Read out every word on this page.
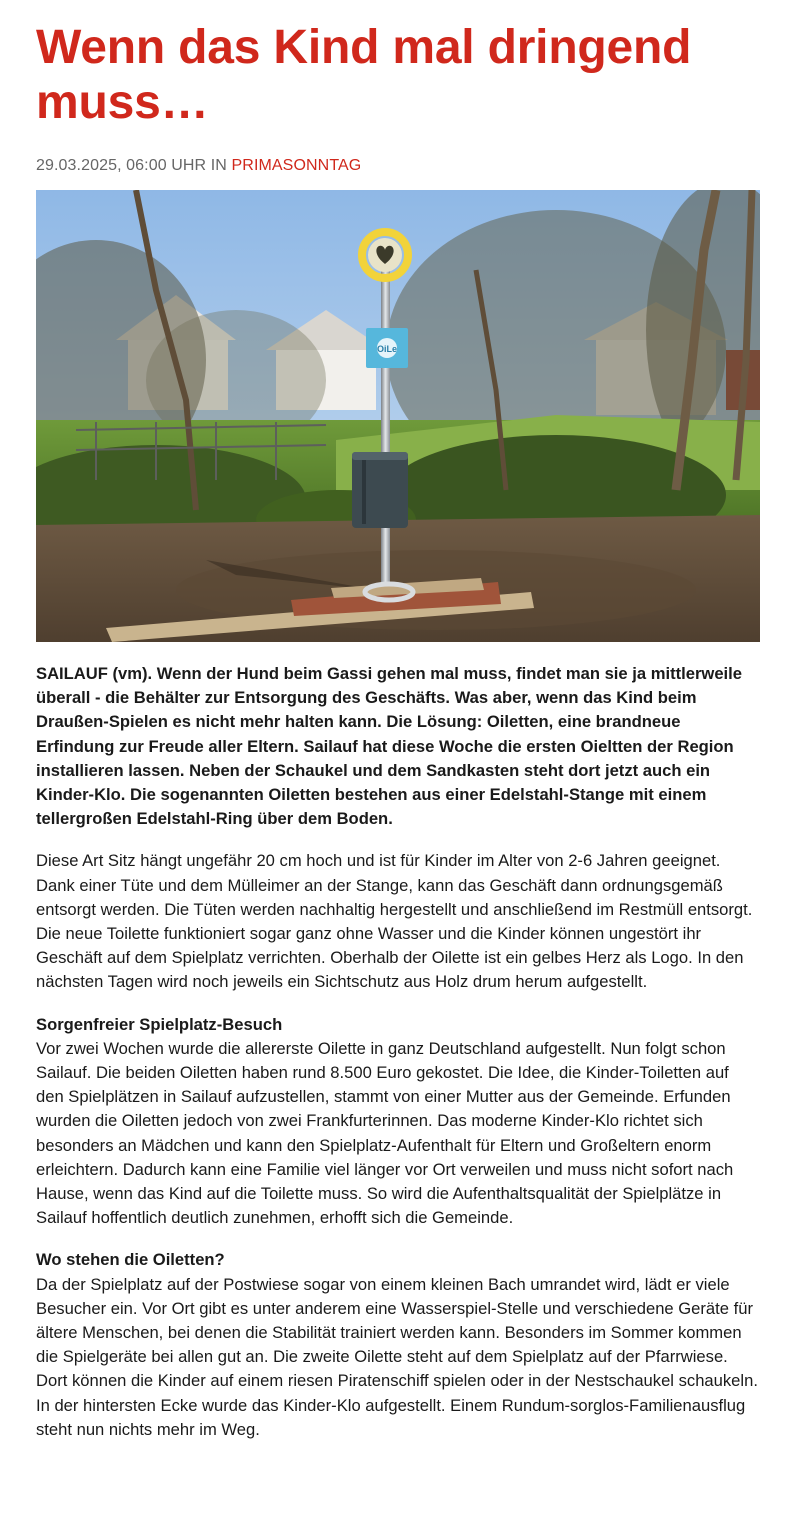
Wenn das Kind mal dringend muss…
29.03.2025, 06:00 UHR IN PRIMASONNTAG
OiLe

SAILAUF (vm). Wenn der Hund beim Gassi gehen mal muss, findet man sie ja mittlerweile überall - die Behälter zur Entsorgung des Geschäfts. Was aber, wenn das Kind beim Draußen-Spielen es nicht mehr halten kann. Die Lösung: Oiletten, eine brandneue Erfindung zur Freude aller Eltern. Sailauf hat diese Woche die ersten Oieltten der Region installieren lassen. Neben der Schaukel und dem Sandkasten steht dort jetzt auch ein Kinder-Klo. Die sogenannten Oiletten bestehen aus einer Edelstahl-Stange mit einem tellergroßen Edelstahl-Ring über dem Boden.

Diese Art Sitz hängt ungefähr 20 cm hoch und ist für Kinder im Alter von 2-6 Jahren geeignet. Dank einer Tüte und dem Mülleimer an der Stange, kann das Geschäft dann ordnungsgemäß entsorgt werden. Die Tüten werden nachhaltig hergestellt und anschließend im Restmüll entsorgt. Die neue Toilette funktioniert sogar ganz ohne Wasser und die Kinder können ungestört ihr Geschäft auf dem Spielplatz verrichten. Oberhalb der Oilette ist ein gelbes Herz als Logo. In den nächsten Tagen wird noch jeweils ein Sichtschutz aus Holz drum herum aufgestellt.

Sorgenfreier Spielplatz-Besuch

Vor zwei Wochen wurde die allererste Oilette in ganz Deutschland aufgestellt. Nun folgt schon Sailauf. Die beiden Oiletten haben rund 8.500 Euro gekostet. Die Idee, die Kinder-Toiletten auf den Spielplätzen in Sailauf aufzustellen, stammt von einer Mutter aus der Gemeinde. Erfunden wurden die Oiletten jedoch von zwei Frankfurterinnen. Das moderne Kinder-Klo richtet sich besonders an Mädchen und kann den Spielplatz-Aufenthalt für Eltern und Großeltern enorm erleichtern. Dadurch kann eine Familie viel länger vor Ort verweilen und muss nicht sofort nach Hause, wenn das Kind auf die Toilette muss. So wird die Aufenthaltsqualität der Spielplätze in Sailauf hoffentlich deutlich zunehmen, erhofft sich die Gemeinde.

Wo stehen die Oiletten?

Da der Spielplatz auf der Postwiese sogar von einem kleinen Bach umrandet wird, lädt er viele Besucher ein. Vor Ort gibt es unter anderem eine Wasserspiel-Stelle und verschiedene Geräte für ältere Menschen, bei denen die Stabilität trainiert werden kann. Besonders im Sommer kommen die Spielgeräte bei allen gut an. Die zweite Oilette steht auf dem Spielplatz auf der Pfarrwiese. Dort können die Kinder auf einem riesen Piratenschiff spielen oder in der Nestschaukel schaukeln. In der hintersten Ecke wurde das Kinder-Klo aufgestellt. Einem Rundum-sorglos-Familienausflug steht nun nichts mehr im Weg.
